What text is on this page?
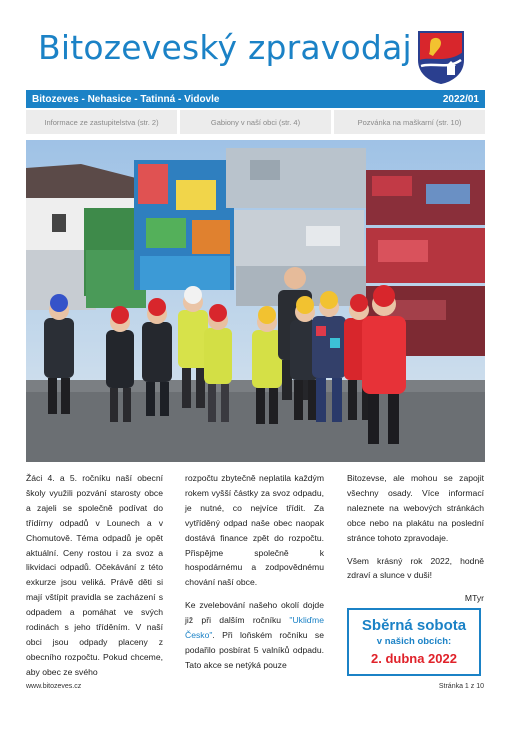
Bitozeveský zpravodaj
Bitozeves - Nehasice - Tatinná - Vidovle	2022/01
Informace ze zastupitelstva (str. 2)	Gabiony v naší obci (str. 4)	Pozvánka na maškarní (str. 10)

Žáci 4. a 5. ročníku naší obecní školy využili pozvání starosty obce a zajeli se společně podívat do třídírny odpadů v Lounech a v Chomutově. Téma odpadů je opět aktuální. Ceny rostou i za svoz a likvidaci odpadů. Očekávání z této exkurze jsou veliká. Právě děti si mají vštípit pravidla se zacházení s odpadem a pomáhat ve svých rodinách s jeho tříděním. V naší obci jsou odpady placeny z obecního rozpočtu. Pokud chceme, aby obec ze svého

rozpočtu zbytečně neplatila každým rokem vyšší částky za svoz odpadu, je nutné, co nejvíce třídit. Za vytříděný odpad naše obec naopak dostává finance zpět do rozpočtu. Přispějme společně k hospodárnému a zodpovědnému chování naší obce.

Ke zvelebování našeho okolí dojde již při dalším ročníku "Ukliďme Česko". Při loňském ročníku se podařilo posbírat 5 valníků odpadu. Tato akce se netýká pouze

Bitozevse, ale mohou se zapojit všechny osady. Více informací naleznete na webových stránkách obce nebo na plakátu na poslední stránce tohoto zpravodaje.

Všem krásný rok 2022, hodně zdraví a slunce v duši!

MTyr

Sběrná sobota
v našich obcích:
2. dubna 2022
www.bitozeves.cz	Stránka 1 z 10
